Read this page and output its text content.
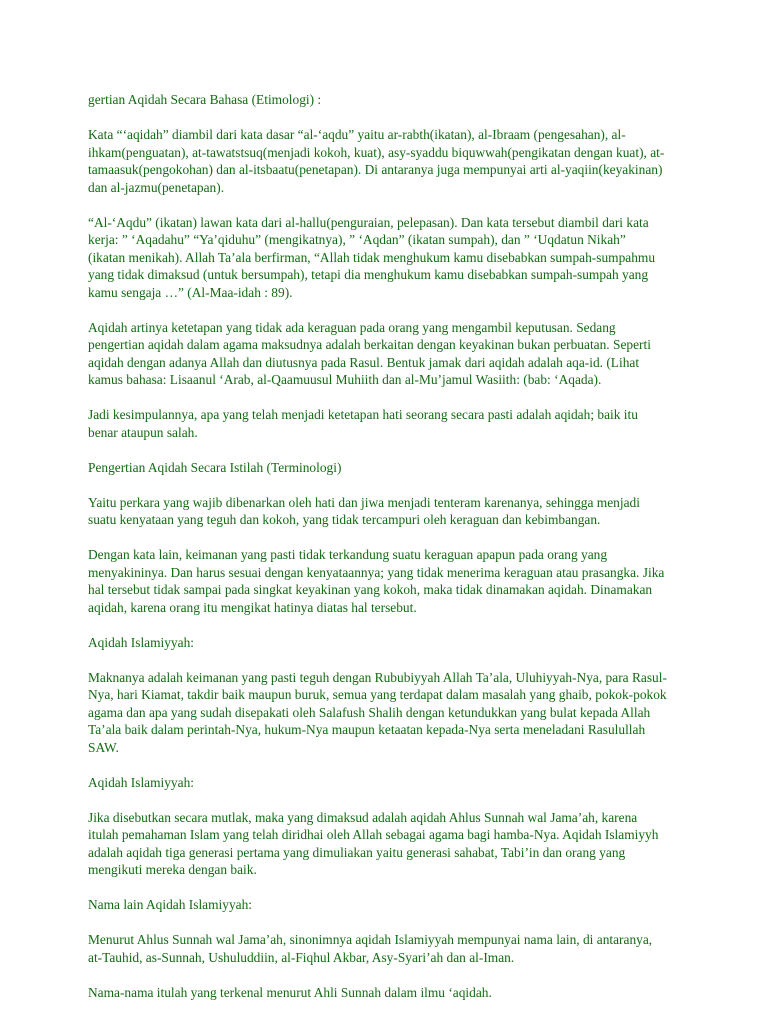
gertian Aqidah Secara Bahasa (Etimologi) :

Kata “‘aqidah” diambil dari kata dasar “al-‘aqdu” yaitu ar-rabth(ikatan), al-Ibraam (pengesahan), al-
ihkam(penguatan), at-tawatstsuq(menjadi kokoh, kuat), asy-syaddu biquwwah(pengikatan dengan kuat), at-
tamaasuk(pengokohan) dan al-itsbaatu(penetapan). Di antaranya juga mempunyai arti al-yaqiin(keyakinan)
dan al-jazmu(penetapan).

“Al-‘Aqdu” (ikatan) lawan kata dari al-hallu(penguraian, pelepasan). Dan kata tersebut diambil dari kata
kerja: ” ‘Aqadahu” “Ya’qiduhu” (mengikatnya), ” ‘Aqdan” (ikatan sumpah), dan ” ‘Uqdatun Nikah”
(ikatan menikah). Allah Ta’ala berfirman, “Allah tidak menghukum kamu disebabkan sumpah-sumpahmu
yang tidak dimaksud (untuk bersumpah), tetapi dia menghukum kamu disebabkan sumpah-sumpah yang
kamu sengaja …” (Al-Maa-idah : 89).

Aqidah artinya ketetapan yang tidak ada keraguan pada orang yang mengambil keputusan. Sedang
pengertian aqidah dalam agama maksudnya adalah berkaitan dengan keyakinan bukan perbuatan. Seperti
aqidah dengan adanya Allah dan diutusnya pada Rasul. Bentuk jamak dari aqidah adalah aqa-id. (Lihat
kamus bahasa: Lisaanul ‘Arab, al-Qaamuusul Muhiith dan al-Mu’jamul Wasiith: (bab: ‘Aqada).

Jadi kesimpulannya, apa yang telah menjadi ketetapan hati seorang secara pasti adalah aqidah; baik itu
benar ataupun salah.

Pengertian Aqidah Secara Istilah (Terminologi)

Yaitu perkara yang wajib dibenarkan oleh hati dan jiwa menjadi tenteram karenanya, sehingga menjadi
suatu kenyataan yang teguh dan kokoh, yang tidak tercampuri oleh keraguan dan kebimbangan.

Dengan kata lain, keimanan yang pasti tidak terkandung suatu keraguan apapun pada orang yang
menyakininya. Dan harus sesuai dengan kenyataannya; yang tidak menerima keraguan atau prasangka. Jika
hal tersebut tidak sampai pada singkat keyakinan yang kokoh, maka tidak dinamakan aqidah. Dinamakan
aqidah, karena orang itu mengikat hatinya diatas hal tersebut.

Aqidah Islamiyyah:

Maknanya adalah keimanan yang pasti teguh dengan Rububiyyah Allah Ta’ala, Uluhiyyah-Nya, para Rasul-
Nya, hari Kiamat, takdir baik maupun buruk, semua yang terdapat dalam masalah yang ghaib, pokok-pokok
agama dan apa yang sudah disepakati oleh Salafush Shalih dengan ketundukkan yang bulat kepada Allah
Ta’ala baik dalam perintah-Nya, hukum-Nya maupun ketaatan kepada-Nya serta meneladani Rasulullah
SAW.

Aqidah Islamiyyah:

Jika disebutkan secara mutlak, maka yang dimaksud adalah aqidah Ahlus Sunnah wal Jama’ah, karena
itulah pemahaman Islam yang telah diridhai oleh Allah sebagai agama bagi hamba-Nya. Aqidah Islamiyyh
adalah aqidah tiga generasi pertama yang dimuliakan yaitu generasi sahabat, Tabi’in dan orang yang
mengikuti mereka dengan baik.

Nama lain Aqidah Islamiyyah:

Menurut Ahlus Sunnah wal Jama’ah, sinonimnya aqidah Islamiyyah mempunyai nama lain, di antaranya,
at-Tauhid, as-Sunnah, Ushuluddiin, al-Fiqhul Akbar, Asy-Syari’ah dan al-Iman.

Nama-nama itulah yang terkenal menurut Ahli Sunnah dalam ilmu ‘aqidah.
